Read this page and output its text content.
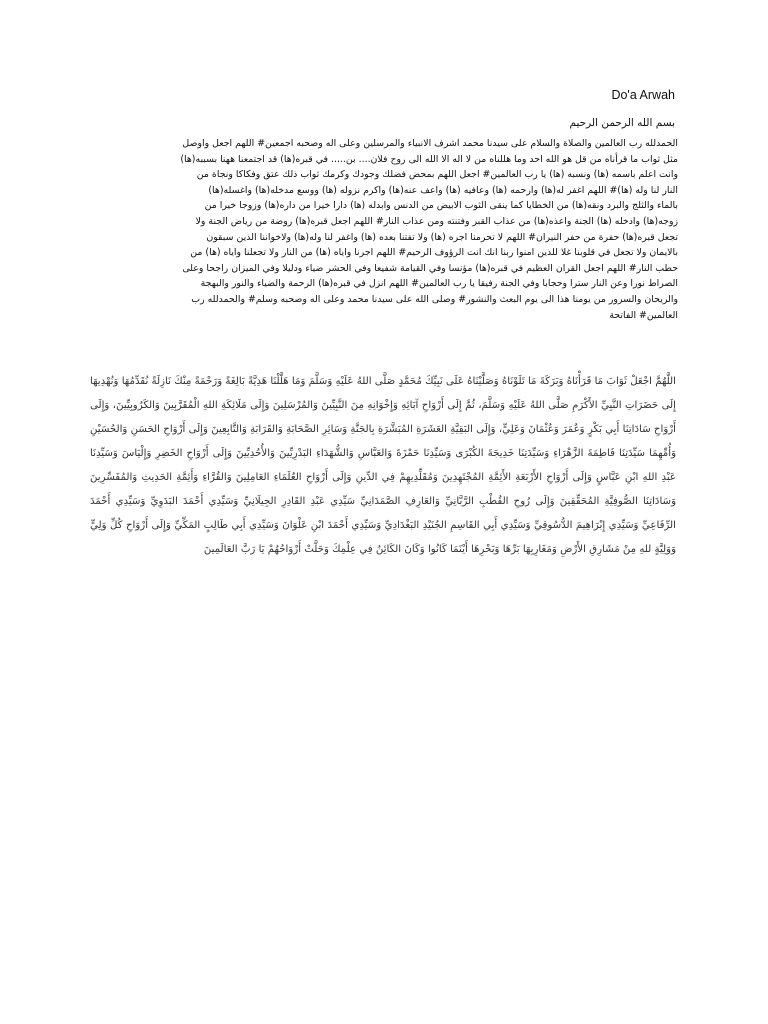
Do'a Arwah
بسم الله الرحمن الرحيم
الحمدلله رب العالمين والصلاة والسلام على سيدنا محمد اشرف الانبياء والمرسلين وعلى اله وصحبه اجمعين# اللهم اجعل واوصل
مثل ثواب ما قرأناه من قل هو الله احد وما هللناه من لا اله الا الله الى روح فلان.... بن..... في قبره(ها) قد اجتمعنا ههنا بسببه(ها)
وانت اعلم باسمه (ها) ونسبه (ها) يا رب العالمين# اجعل اللهم بمحض فضلك وجودك وكرمك ثواب ذلك عتق وفكاكا ونجاة من
النار لنا وله (ها)# اللهم اغفر له(ها) وارحمه (ها) وعافيه (ها) واعف عنه(ها) واكرم نزوله (ها) ووسع مدخله(ها) واغسله(ها)
بالماء والثلج والبرد ونقه(ها) من الخطايا كما ينقى الثوب الابيض من الدنس وابدله (ها) دارا خيرا من داره(ها) وزوجا خيرا من
زوجه(ها) وادخله (ها) الجنة واعذه(ها) من عذاب القبر وفتنته ومن عذاب النار# اللهم اجعل قبره(ها) روضة من رياض الجنة ولا
تجعل قبره(ها) حفرة من حفر النيران# اللهم لا تحرمنا اجره (ها) ولا تفتنا بعده (ها) واغفر لنا وله(ها) ولاخواننا الذين سبقون
بالايمان ولا تجعل في قلوبنا غلا للذين امنوا ربنا انك انت الرؤوف الرحيم# اللهم اجرنا واياه (ها) من النار ولا تجعلنا واياه (ها) من
حطب النار# اللهم اجعل القران العظيم في قبره(ها) مؤنسا وفي القيامة شفيعا وفي الحشر ضياء ودليلا وفي الميزان راجحا وعلى
الصراط نورا وعن النار سترا وحجابا وفي الجنة رفيقا يا رب العالمين# اللهم انزل في قبره(ها) الرحمة والضياء والنور والبهجة
والريحان والسرور من يومنا هذا الى يوم البعث والنشور# وصلى الله على سيدنا محمد وعلى اله وصحبه وسلم# والحمدلله رب
العالمين# الفاتحة

اللَّهُمَّ اجْعَلْ ثَوَابَ مَا قَرَأْنَاهُ وَبَرَكَةَ مَا تَلَوْنَاهُ وَصَلَّيْنَاهُ عَلَى نَبِيِّكَ مُحَمَّدٍ صَلَّى اللهُ عَلَيْهِ وَسَلَّمَ وَمَا هَلَّلْنَا هَدِيَّةً بَالِغَةً وَرَحْمَةً مِنْكَ نَازِلَةً نُقَدِّمُهَا وَنُهْدِيهَا إِلَى حَضَرَاتِ النَّبِيِّ الأَكْرَمِ صَلَّى اللهُ عَلَيْهِ وَسَلَّمَ، ثُمَّ إِلَى أَرْوَاحِ آبَائِهِ وَإِخْوَانِهِ مِنَ النَّبِيِّينَ وَالمُرْسَلِينَ وَإِلَى مَلَائِكَةِ اللهِ الْمُقَرَّبِينَ وَالكَرُوبِيِّينَ، وَإِلَى أَرْوَاحِ سَادَاتِنَا أَبِي بَكْرٍ وَعُمَرَ وَعُثْمَانَ وَعَلِيٍّ، وَإِلَى البَقِيَّةِ العَشَرَةِ المُبَشَّرَةِ بِالجَنَّةِ وَسَائِرِ الصَّحَابَةِ وَالقَرَابَةِ وَالتَّابِعِينَ وَإِلَى أَرْوَاحِ الحَسَنِ وَالحُسَيْنِ وَأُمِّهِمَا سَيِّدَتِنَا فَاطِمَةَ الزَّهْرَاءِ وَسَيِّدَتِنَا خَدِيجَةَ الكُبْرَى وَسَيِّدِنَا حَمْزَةَ وَالعَبَّاسِ وَالشُّهَدَاءِ البَدْرِيِّينَ وَالأُحُدِيِّينَ وَإِلَى أَرْوَاحِ الخَضِرِ وَإِلْيَاسَ وَسَيِّدِنَا عَبْدِ اللهِ ابْنِ عَبَّاسٍ وَإِلَى أَرْوَاحِ الأَرْبَعَةِ الأَئِمَّةِ المُجْتَهِدِينَ وَمُقَلِّدِيهِمْ فِي الدِّينِ وَإِلَى أَرْوَاحِ العُلَمَاءِ العَامِلِينَ وَالقُرَّاءِ وَأَئِمَّةِ الحَدِيثِ وَالمُفَسِّرِينَ وَسَادَاتِنَا الصُّوفِيَّةِ المُحَقِّقِينَ وَإِلَى رُوحِ القُطْبِ الرَّبَّانِيِّ وَالعَارِفِ الصَّمَدَانِيِّ سَيِّدِي عَبْدِ القَادِرِ الجِيلَانِيِّ وَسَيِّدِي أَحْمَدَ البَدَوِيِّ وَسَيِّدِي أَحْمَدَ الرِّفَاعِيِّ وَسَيِّدِي إِبْرَاهِيمَ الدُّسُوقِيِّ وَسَيِّدِي أَبِي القَاسِمِ الجُنَيْدِ البَغْدَادِيِّ وَسَيِّدِي أَحْمَدَ ابْنِ عَلْوَانَ وَسَيِّدِي أَبِي طَالِبٍ المَكِّيِّ وَإِلَى أَرْوَاحِ كُلِّ وَلِيٍّ وَوَلِيَّةٍ للهِ مِنْ مَشَارِقِ الأَرْضِ وَمَغَارِبِهَا بَرِّهَا وَبَحْرِهَا أَيْنَمَا كَانُوا وَكَانَ الكَائِنُ فِي عِلْمِكَ وَحَلَّتْ أَرْوَاحُهُمْ يَا رَبَّ العَالَمِينَ
